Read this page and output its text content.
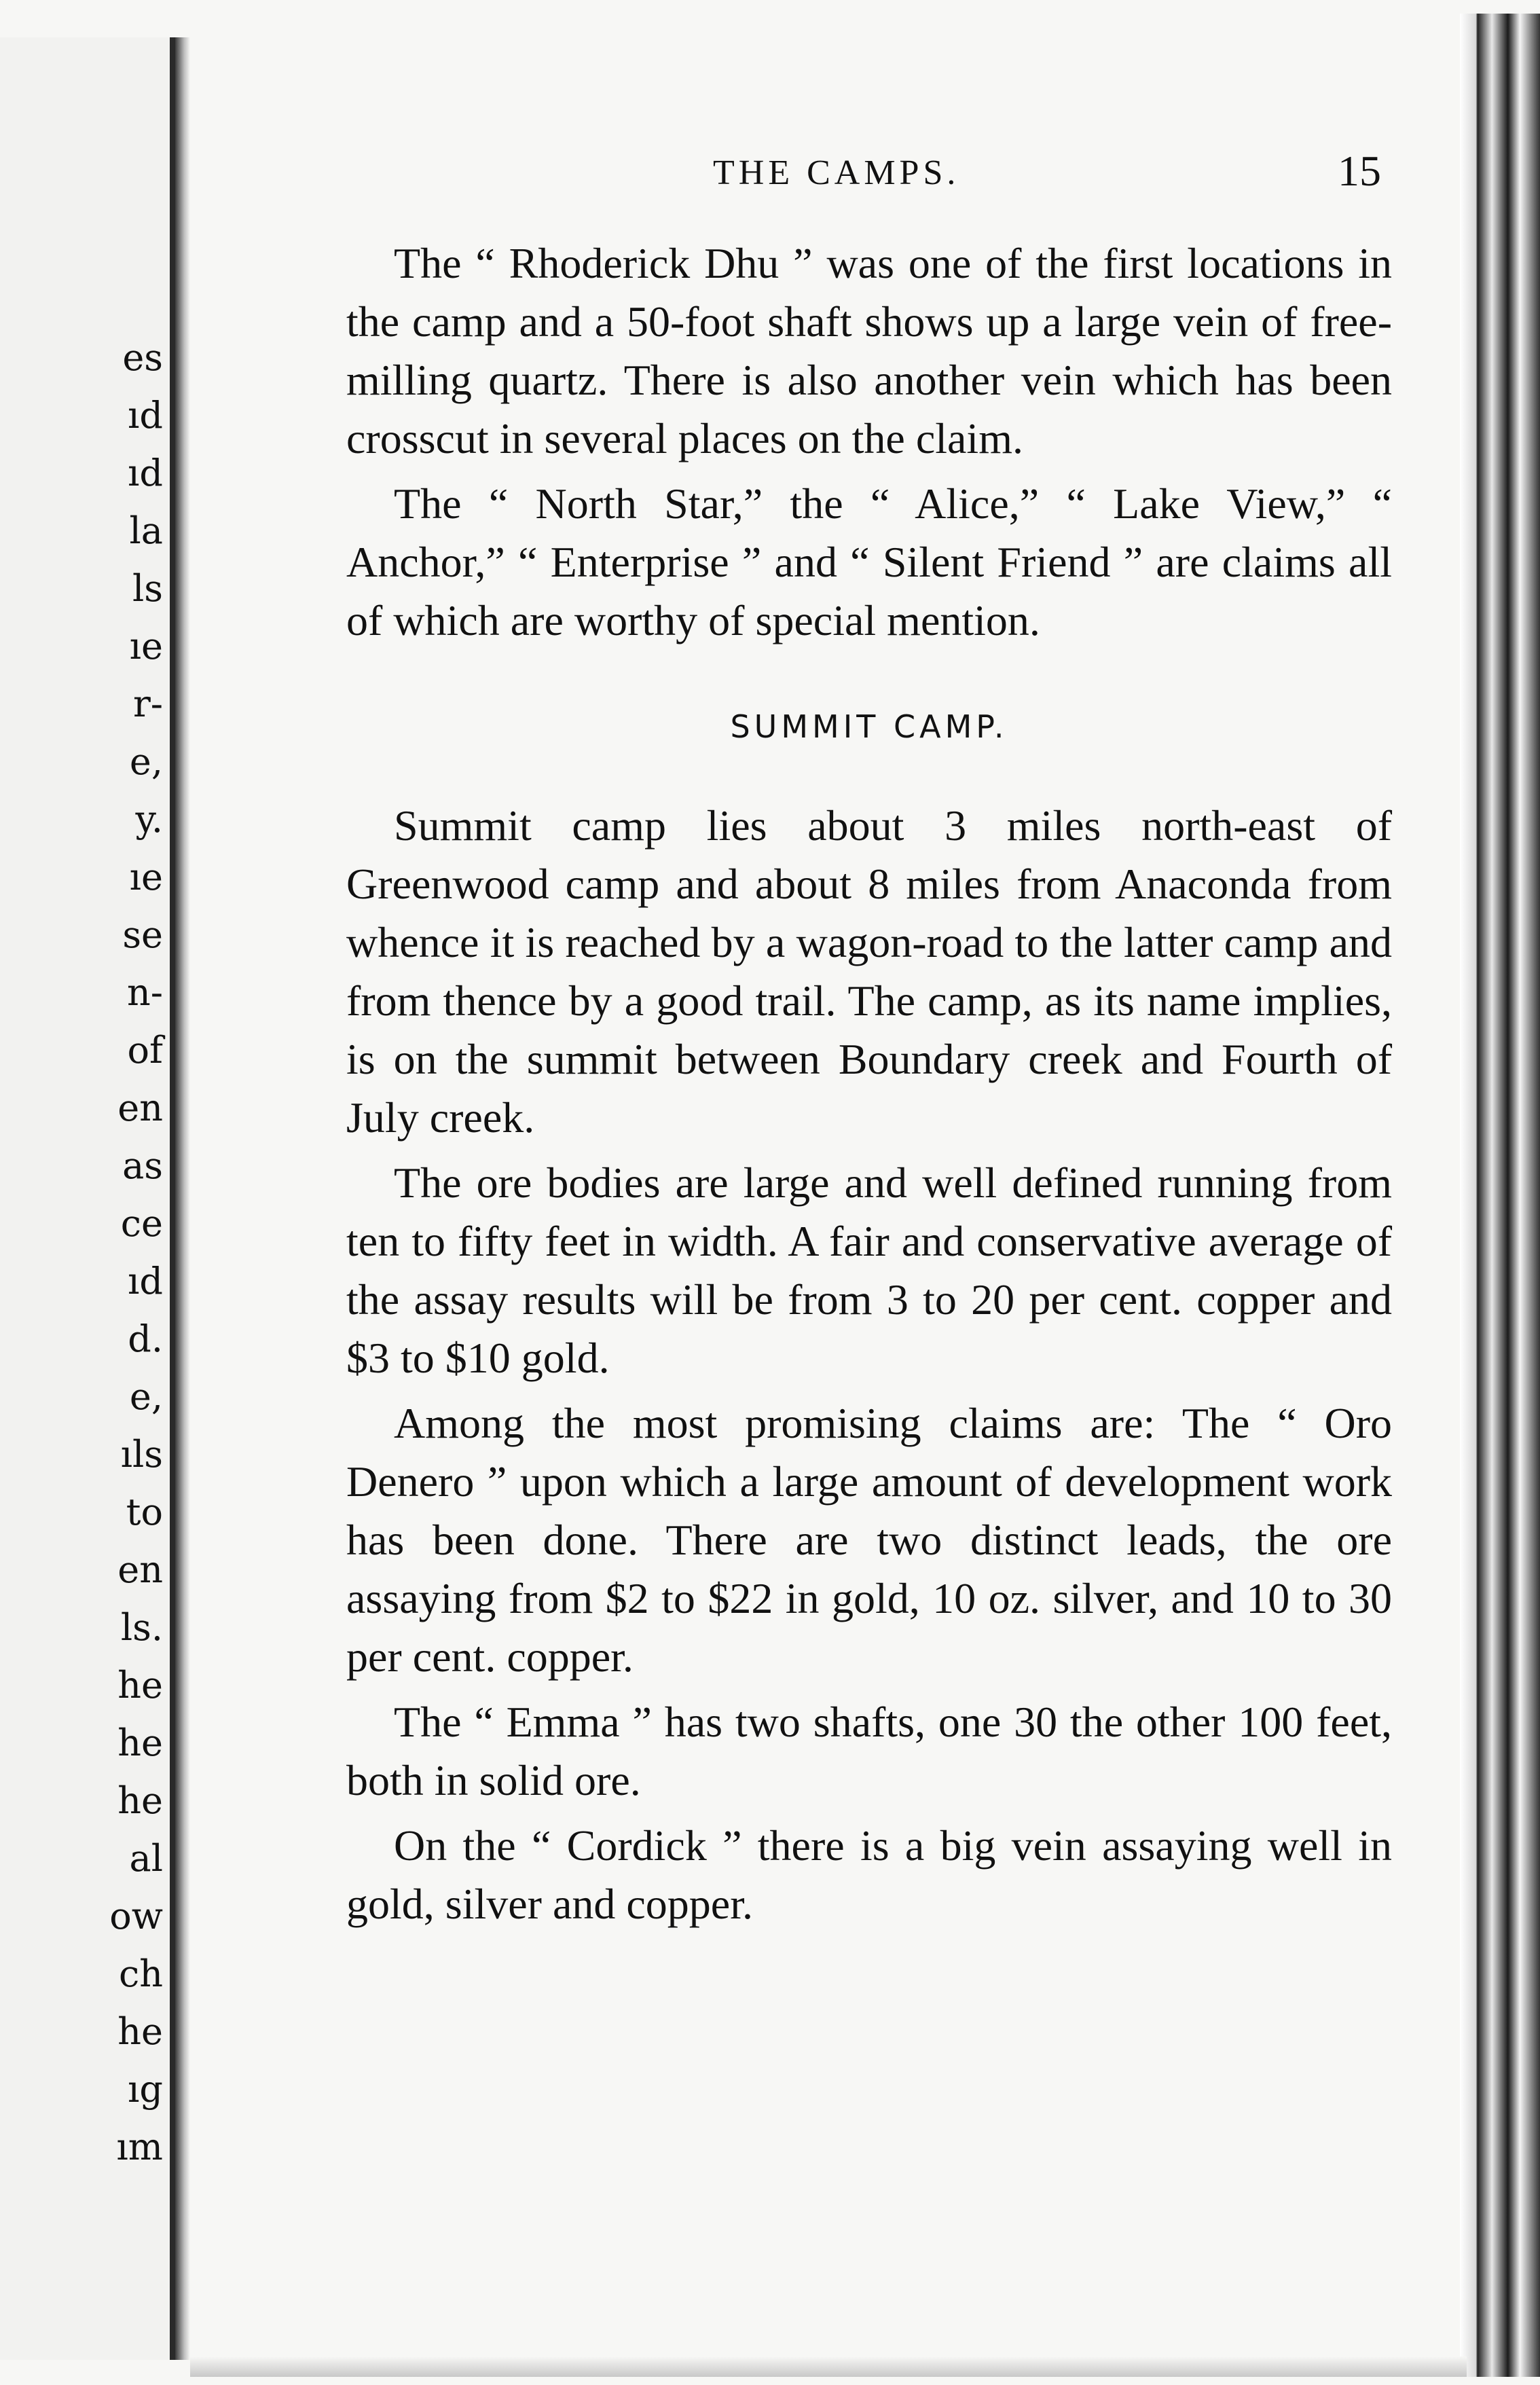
es
ıd
ıd
la
ls
ıe
r-
e,
y.
ıe
se
n-
of
en
as
ce
ıd
d.
e,
ıls
to
en
ls.
he
he
he
al
ow
ch
he
ıg
ım
THE CAMPS.	15

The “ Rhoderick Dhu ” was one of the first locations in the camp and a 50-foot shaft shows up a large vein of free-milling quartz. There is also another vein which has been crosscut in several places on the claim.

The “ North Star,” the “ Alice,” “ Lake View,” “ Anchor,” “ Enterprise ” and “ Silent Friend ” are claims all of which are worthy of special mention.

SUMMIT CAMP.

Summit camp lies about 3 miles north-east of Greenwood camp and about 8 miles from Anaconda from whence it is reached by a wagon-road to the latter camp and from thence by a good trail. The camp, as its name implies, is on the summit between Boundary creek and Fourth of July creek.

The ore bodies are large and well defined running from ten to fifty feet in width. A fair and conservative average of the assay results will be from 3 to 20 per cent. copper and $3 to $10 gold.

Among the most promising claims are: The “ Oro Denero ” upon which a large amount of development work has been done. There are two distinct leads, the ore assaying from $2 to $22 in gold, 10 oz. silver, and 10 to 30 per cent. copper.

The “ Emma ” has two shafts, one 30 the other 100 feet, both in solid ore.

On the “ Cordick ” there is a big vein assaying well in gold, silver and copper.
